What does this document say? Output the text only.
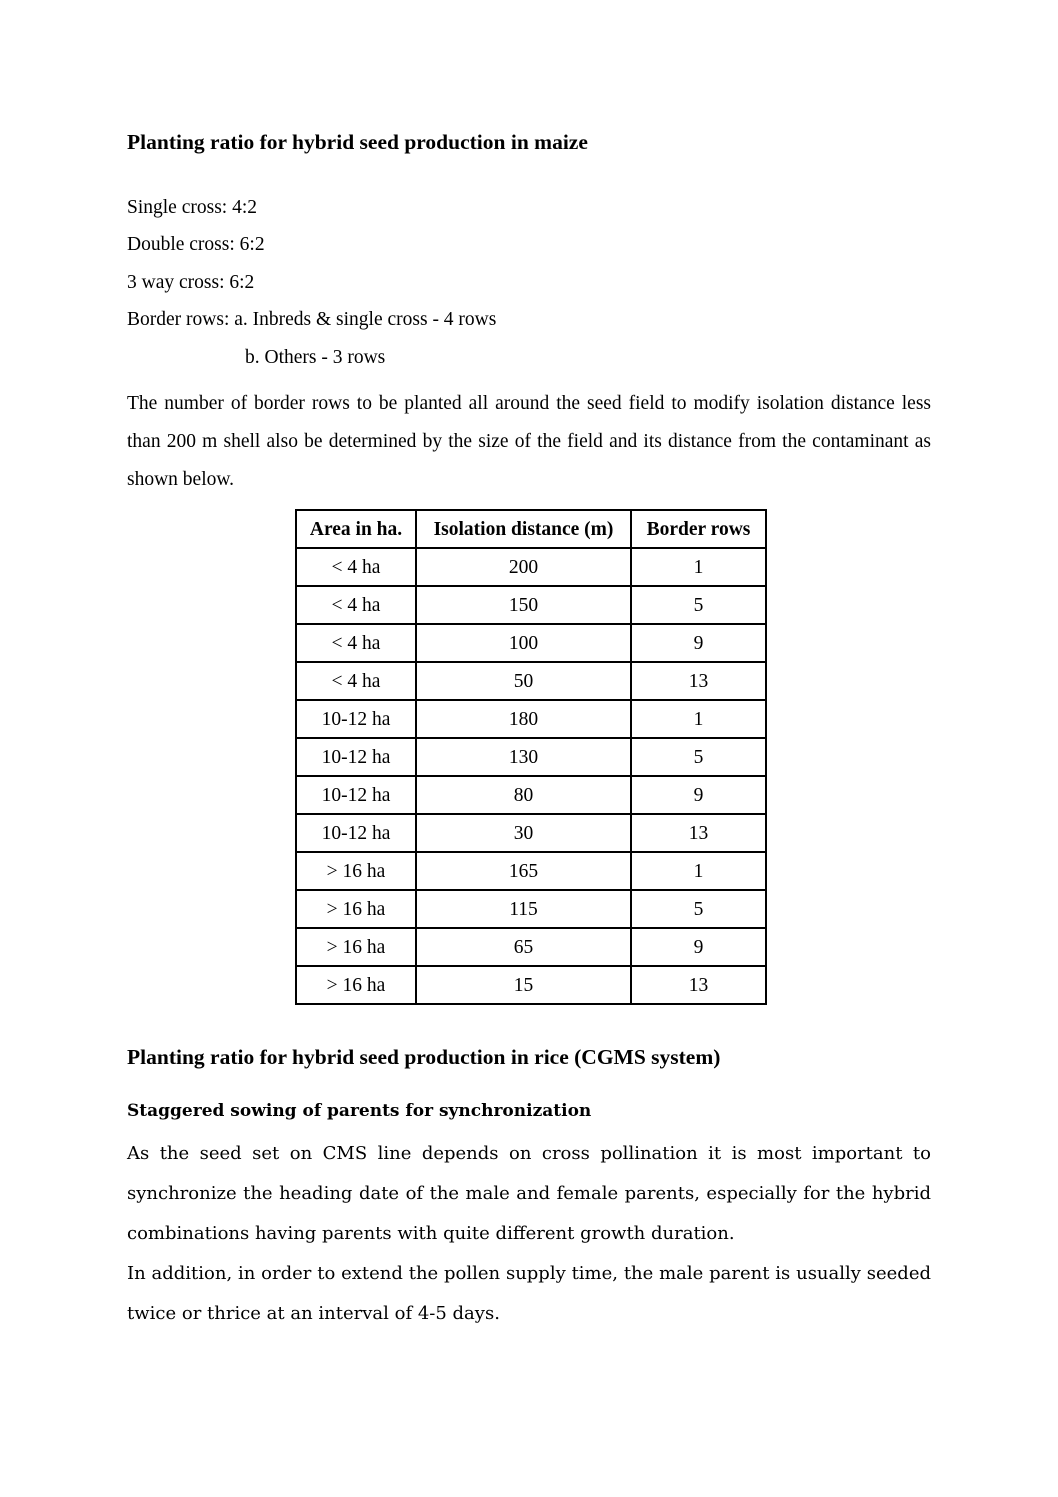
Planting ratio for hybrid seed production in maize
Single cross: 4:2
Double cross: 6:2
3 way cross: 6:2
Border rows: a. Inbreds & single cross - 4 rows
b. Others - 3 rows

The number of border rows to be planted all around the seed field to modify isolation distance less than 200 m shell also be determined by the size of the field and its distance from the contaminant as shown below.

Area in ha.	Isolation distance (m)	Border rows
< 4 ha	200	1
< 4 ha	150	5
< 4 ha	100	9
< 4 ha	50	13
10-12 ha	180	1
10-12 ha	130	5
10-12 ha	80	9
10-12 ha	30	13
> 16 ha	165	1
> 16 ha	115	5
> 16 ha	65	9
> 16 ha	15	13
Planting ratio for hybrid seed production in rice (CGMS system)
Staggered sowing of parents for synchronization

As the seed set on CMS line depends on cross pollination it is most important to synchronize the heading date of the male and female parents, especially for the hybrid combinations having parents with quite different growth duration.

In addition, in order to extend the pollen supply time, the male parent is usually seeded twice or thrice at an interval of 4-5 days.
